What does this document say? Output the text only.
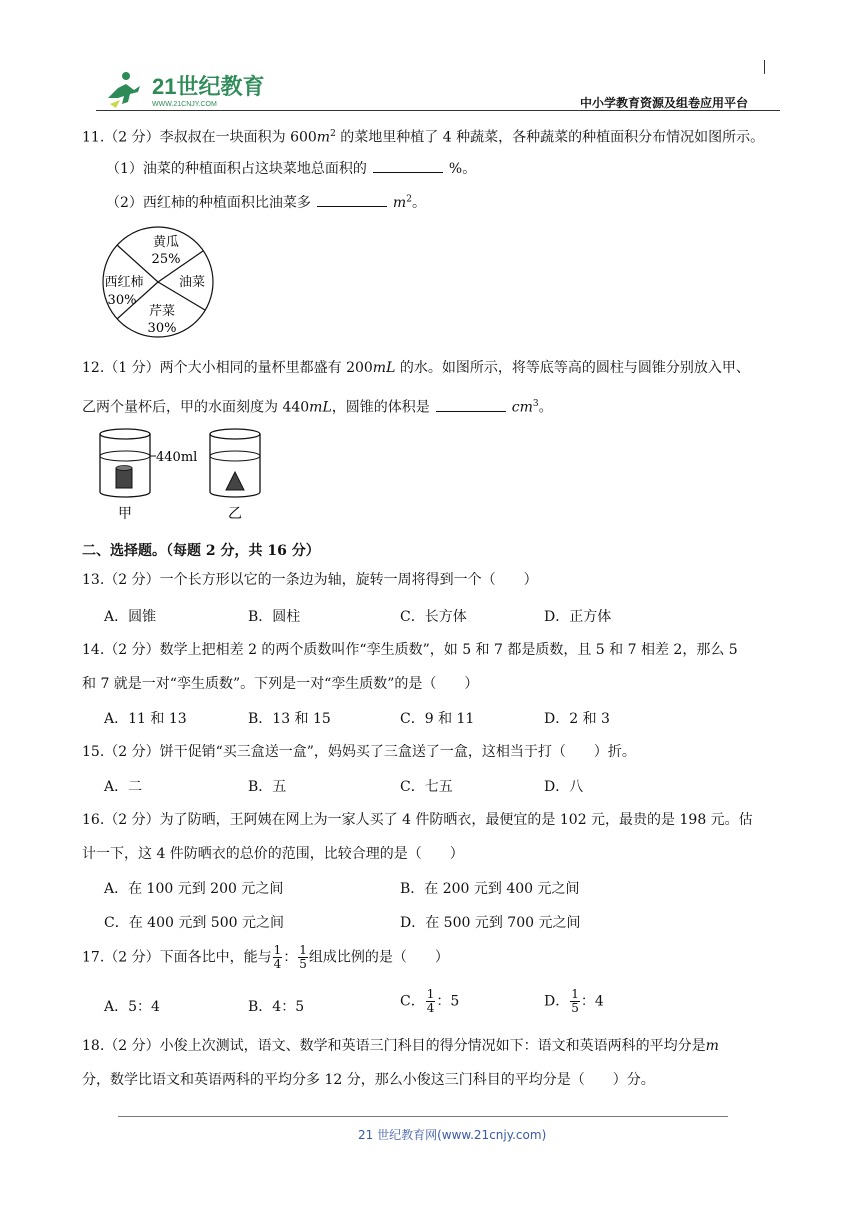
21世纪教育
WWW.21CNJY.COM	中小学教育资源及组卷应用平台
11.（2 分）李叔叔在一块面积为 $600m^2$ 的菜地里种植了 4 种蔬菜，各种蔬菜的种植面积分布情况如图所示。
（1）油菜的种植面积占这块菜地总面积的	%。
（2）西红柿的种植面积比油菜多	$m^2$。
黄瓜
25%
油菜
芹菜
30%
西红柿
30%
12.（1 分）两个大小相同的量杯里都盛有 200mL 的水。如图所示，将等底等高的圆柱与圆锥分别放入甲、
乙两个量杯后，甲的水面刻度为 440mL，圆锥的体积是	$cm^3$。
440ml
甲	乙
二、选择题。（每题 2 分，共 16 分）
13.（2 分）一个长方形以它的一条边为轴，旋转一周将得到一个（　　）
A．圆锥	B．圆柱	C．长方体	D．正方体
14.（2 分）数学上把相差 2 的两个质数叫作“孪生质数”，如 5 和 7 都是质数，且 5 和 7 相差 2，那么 5
和 7 就是一对“孪生质数”。下列是一对“孪生质数”的是（　　）
A．11 和 13	B．13 和 15	C．9 和 11	D．2 和 3
15.（2 分）饼干促销“买三盒送一盒”，妈妈买了三盒送了一盒，这相当于打（　　）折。
A．二	B．五	C．七五	D．八
16.（2 分）为了防晒，王阿姨在网上为一家人买了 4 件防晒衣，最便宜的是 102 元，最贵的是 198 元。估
计一下，这 4 件防晒衣的总价的范围，比较合理的是（　　）
A．在 100 元到 200 元之间	B．在 200 元到 400 元之间
C．在 400 元到 500 元之间	D．在 500 元到 700 元之间
17.（2 分）下面各比中，能与 $\frac{1}{4}$ ： $\frac{1}{5}$ 组成比例的是（　　）
A．5：4	B．4：5	C． $\frac{1}{4}$ ：5	D． $\frac{1}{5}$ ：4
18.（2 分）小俊上次测试，语文、数学和英语三门科目的得分情况如下：语文和英语两科的平均分是m
分，数学比语文和英语两科的平均分多 12 分，那么小俊这三门科目的平均分是（　　）分。
21 世纪教育网(www.21cnjy.com)
